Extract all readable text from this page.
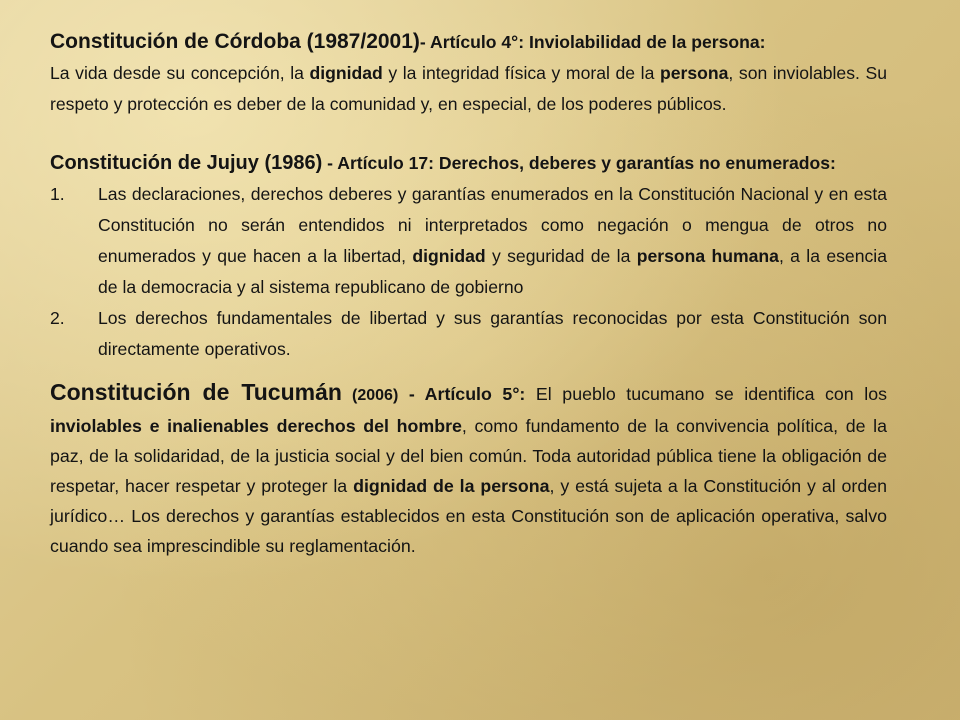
Constitución de Córdoba (1987/2001)- Artículo 4°: Inviolabilidad de la persona:
La vida desde su concepción, la dignidad y la integridad física y moral de la persona, son inviolables. Su respeto y protección es deber de la comunidad y, en especial, de los poderes públicos.
Constitución de Jujuy (1986) - Artículo 17: Derechos, deberes y garantías no enumerados:
1.	Las declaraciones, derechos deberes y garantías enumerados en la Constitución Nacional y en esta Constitución no serán entendidos ni interpretados como negación o mengua de otros no enumerados y que hacen a la libertad, dignidad y seguridad de la persona humana, a la esencia de la democracia y al sistema republicano de gobierno
2.	Los derechos fundamentales de libertad y sus garantías reconocidas por esta Constitución son directamente operativos.
Constitución de Tucumán (2006) - Artículo 5°: El pueblo tucumano se identifica con los inviolables e inalienables derechos del hombre, como fundamento de la convivencia política, de la paz, de la solidaridad, de la justicia social y del bien común. Toda autoridad pública tiene la obligación de respetar, hacer respetar y proteger la dignidad de la persona, y está sujeta a la Constitución y al orden jurídico… Los derechos y garantías establecidos en esta Constitución son de aplicación operativa, salvo cuando sea imprescindible su reglamentación.
